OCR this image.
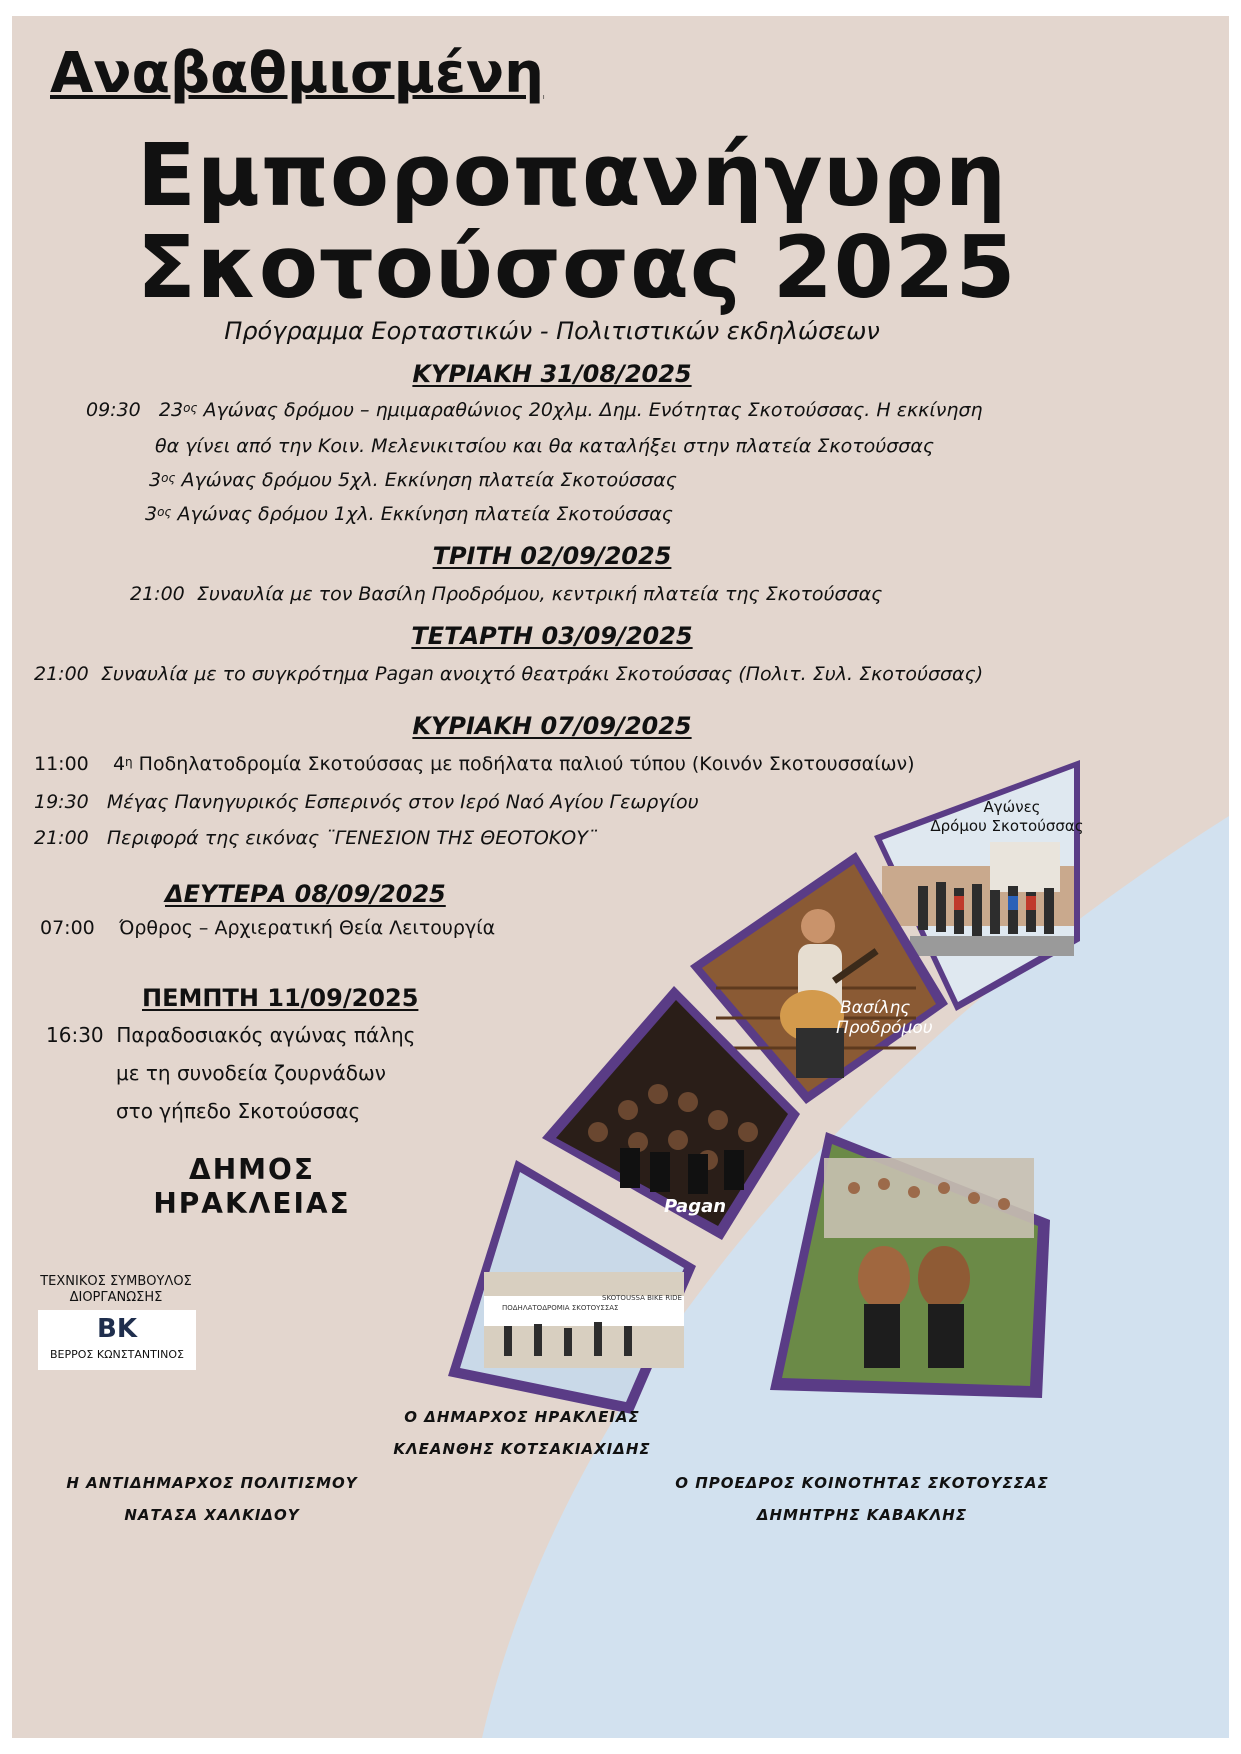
Αναβαθμισμένη
Εμποροπανήγυρη
Σκοτούσσας 2025
Πρόγραμμα Εορταστικών - Πολιτιστικών εκδηλώσεων
ΚΥΡΙΑΚΗ 31/08/2025
09:30 $23^{o\varsigma}$ Αγώνας δρόμου – ημιμαραθώνιος 20χλμ. Δημ. Ενότητας Σκοτούσσας. Η εκκίνηση
θα γίνει από την Κοιν. Μελενικιτσίου και θα καταλήξει στην πλατεία Σκοτούσσας
$3^{o\varsigma}$ Αγώνας δρόμου 5χλ. Εκκίνηση πλατεία Σκοτούσσας
$3^{o\varsigma}$ Αγώνας δρόμου 1χλ. Εκκίνηση πλατεία Σκοτούσσας
ΤΡΙΤΗ 02/09/2025
21:00 Συναυλία με τον Βασίλη Προδρόμου, κεντρική πλατεία της Σκοτούσσας
ΤΕΤΑΡΤΗ 03/09/2025
21:00 Συναυλία με το συγκρότημα Pagan ανοιχτό θεατράκι Σκοτούσσας (Πολιτ. Συλ. Σκοτούσσας)
ΚΥΡΙΑΚΗ 07/09/2025
11:00 $4^\eta$ Ποδηλατοδρομία Σκοτούσσας με ποδήλατα παλιού τύπου (Κοινόν Σκοτουσσαίων)
19:30 Μέγας Πανηγυρικός Εσπερινός στον Ιερό Ναό Αγίου Γεωργίου
21:00 Περιφορά της εικόνας ¨ΓΕΝΕΣΙΟΝ ΤΗΣ ΘΕΟΤΟΚΟΥ¨
ΔΕΥΤΕΡΑ 08/09/2025
07:00 Όρθρος – Αρχιερατική Θεία Λειτουργία
ΠΕΜΠΤΗ 11/09/2025
16:30 Παραδοσιακός αγώνας πάλης
με τη συνοδεία ζουρνάδων
στο γήπεδο Σκοτούσσας
ΔΗΜΟΣ
ΗΡΑΚΛΕΙΑΣ
ΤΕΧΝΙΚΟΣ ΣΥΜΒΟΥΛΟΣ
ΔΙΟΡΓΑΝΩΣΗΣ
BK
ΒΕΡΡΟΣ ΚΩΝΣΤΑΝΤΙΝΟΣ
Αγώνες
Δρόμου Σκοτούσσας
Βασίλης
Προδρόμου
Pagan
ΠΟΔΗΛΑΤΟΔΡΟΜΙΑ ΣΚΟΤΟΥΣΣΑΣ
SKOTOUSSA BIKE RIDE
Ο ΔΗΜΑΡΧΟΣ ΗΡΑΚΛΕΙΑΣ
ΚΛΕΑΝΘΗΣ ΚΟΤΣΑΚΙΑΧΙΔΗΣ
Η ΑΝΤΙΔΗΜΑΡΧΟΣ ΠΟΛΙΤΙΣΜΟΥ
ΝΑΤΑΣΑ ΧΑΛΚΙΔΟΥ
Ο ΠΡΟΕΔΡΟΣ ΚΟΙΝΟΤΗΤΑΣ ΣΚΟΤΟΥΣΣΑΣ
ΔΗΜΗΤΡΗΣ ΚΑΒΑΚΛΗΣ
